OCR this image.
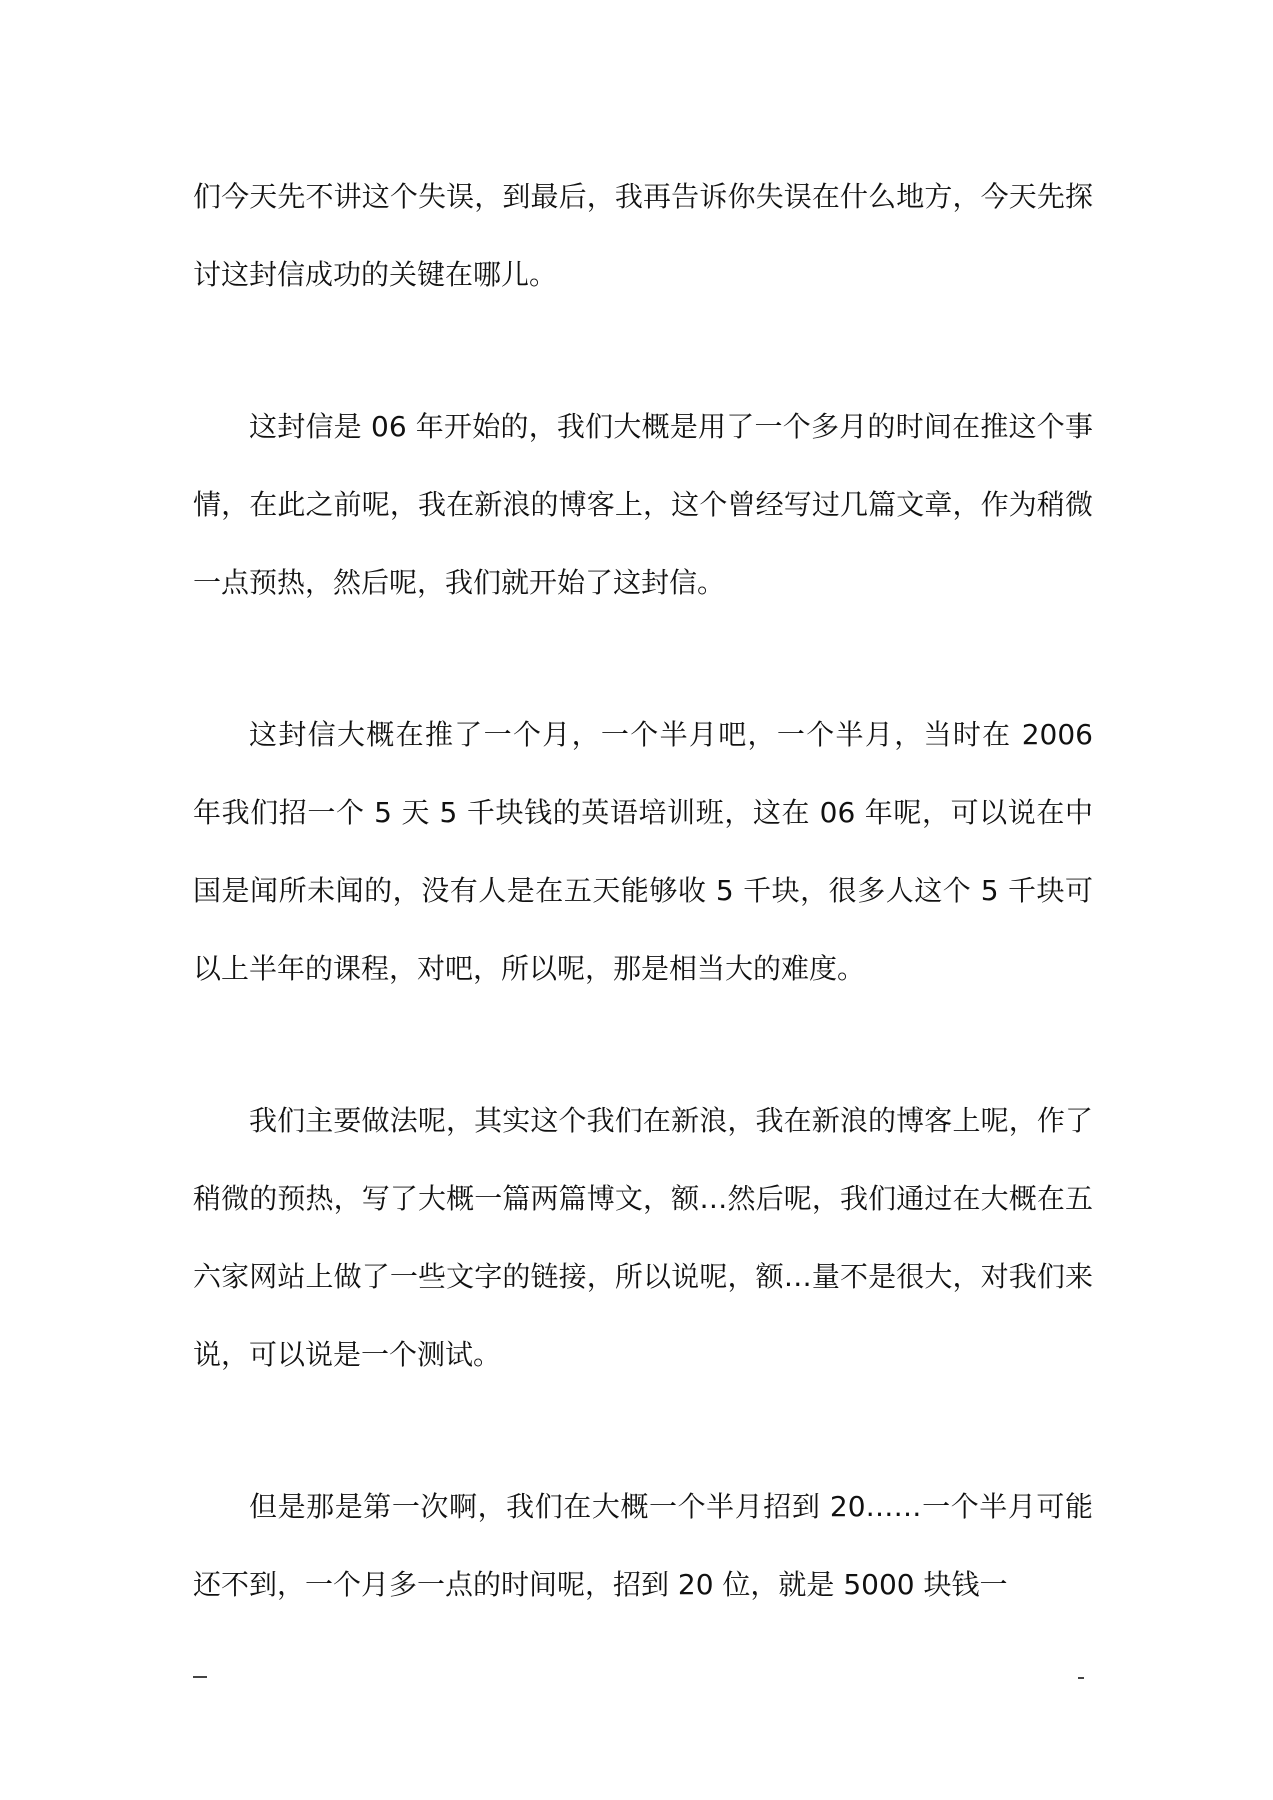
们今天先不讲这个失误，到最后，我再告诉你失误在什么地方，今天先探讨这封信成功的关键在哪儿。

这封信是 06 年开始的，我们大概是用了一个多月的时间在推这个事情，在此之前呢，我在新浪的博客上，这个曾经写过几篇文章，作为稍微一点预热，然后呢，我们就开始了这封信。

这封信大概在推了一个月，一个半月吧，一个半月，当时在 2006 年我们招一个 5 天 5 千块钱的英语培训班，这在 06 年呢，可以说在中国是闻所未闻的，没有人是在五天能够收 5 千块，很多人这个 5 千块可以上半年的课程，对吧，所以呢，那是相当大的难度。

我们主要做法呢，其实这个我们在新浪，我在新浪的博客上呢，作了稍微的预热，写了大概一篇两篇博文，额…然后呢，我们通过在大概在五六家网站上做了一些文字的链接，所以说呢，额…量不是很大，对我们来说，可以说是一个测试。

但是那是第一次啊，我们在大概一个半月招到 20……一个半月可能还不到，一个月多一点的时间呢，招到 20 位，就是 5000 块钱一
